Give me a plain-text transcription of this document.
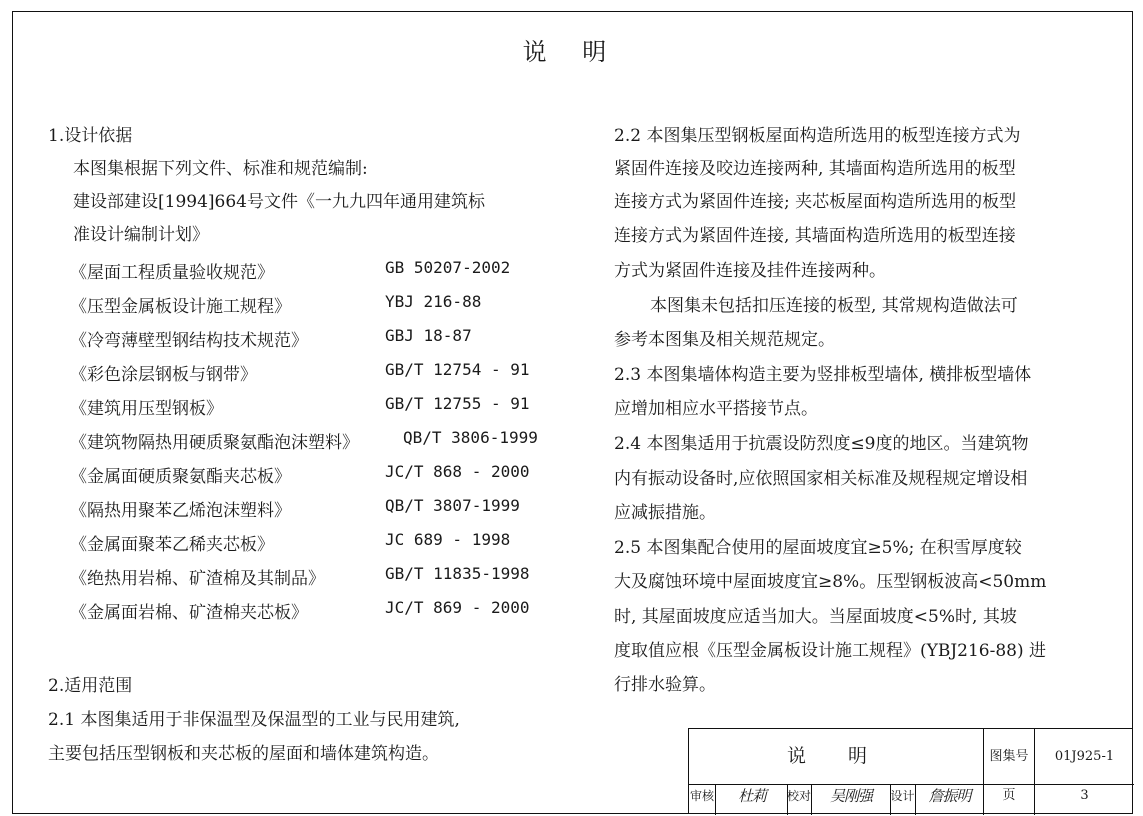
说 明
1.设计依据
本图集根据下列文件、标准和规范编制:
建设部建设[1994]664号文件《一九九四年通用建筑标
准设计编制计划》
《屋面工程质量验收规范》	GB 50207-2002
《压型金属板设计施工规程》	YBJ 216-88
《冷弯薄壁型钢结构技术规范》	GBJ 18-87
《彩色涂层钢板与钢带》	GB/T 12754 - 91
《建筑用压型钢板》	GB/T 12755 - 91
《建筑物隔热用硬质聚氨酯泡沫塑料》	QB/T 3806-1999
《金属面硬质聚氨酯夹芯板》	JC/T 868 - 2000
《隔热用聚苯乙烯泡沫塑料》	QB/T 3807-1999
《金属面聚苯乙稀夹芯板》	JC 689 - 1998
《绝热用岩棉、矿渣棉及其制品》	GB/T 11835-1998
《金属面岩棉、矿渣棉夹芯板》	JC/T 869 - 2000
2.适用范围
2.1 本图集适用于非保温型及保温型的工业与民用建筑,
主要包括压型钢板和夹芯板的屋面和墙体建筑构造。
2.2 本图集压型钢板屋面构造所选用的板型连接方式为
紧固件连接及咬边连接两种, 其墙面构造所选用的板型
连接方式为紧固件连接; 夹芯板屋面构造所选用的板型
连接方式为紧固件连接, 其墙面构造所选用的板型连接
方式为紧固件连接及挂件连接两种。
本图集未包括扣压连接的板型, 其常规构造做法可
参考本图集及相关规范规定。
2.3 本图集墙体构造主要为竖排板型墙体, 横排板型墙体
应增加相应水平搭接节点。
2.4 本图集适用于抗震设防烈度≤9度的地区。当建筑物
内有振动设备时,应依照国家相关标准及规程规定增设相
应减振措施。
2.5 本图集配合使用的屋面坡度宜≥5%; 在积雪厚度较
大及腐蚀环境中屋面坡度宜≥8%。压型钢板波高<50mm
时, 其屋面坡度应适当加大。当屋面坡度<5%时, 其坡
度取值应根《压型金属板设计施工规程》(YBJ216-88) 进
行排水验算。
说 明	图集号	01J925-1
审核	杜莉	校对	吴刚强	设计 詹振明	页	3
